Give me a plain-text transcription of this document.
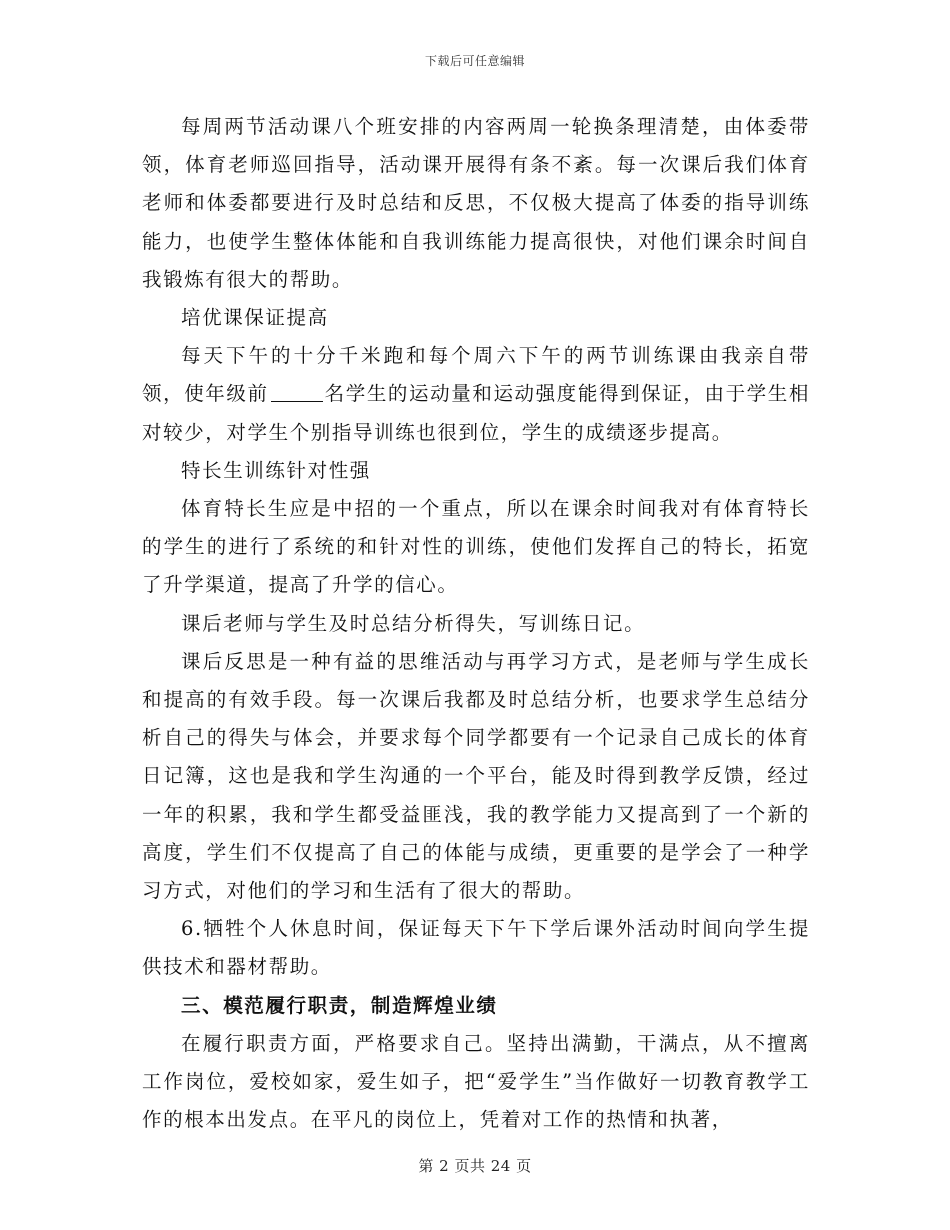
下载后可任意编辑

每周两节活动课八个班安排的内容两周一轮换条理清楚，由体委带领，体育老师巡回指导，活动课开展得有条不紊。每一次课后我们体育老师和体委都要进行及时总结和反思，不仅极大提高了体委的指导训练能力，也使学生整体体能和自我训练能力提高很快，对他们课余时间自我锻炼有很大的帮助。

培优课保证提高

每天下午的十分千米跑和每个周六下午的两节训练课由我亲自带领，使年级前	名学生的运动量和运动强度能得到保证，由于学生相对较少，对学生个别指导训练也很到位，学生的成绩逐步提高。

特长生训练针对性强

体育特长生应是中招的一个重点，所以在课余时间我对有体育特长的学生的进行了系统的和针对性的训练，使他们发挥自己的特长，拓宽了升学渠道，提高了升学的信心。

课后老师与学生及时总结分析得失，写训练日记。

课后反思是一种有益的思维活动与再学习方式，是老师与学生成长和提高的有效手段。每一次课后我都及时总结分析，也要求学生总结分析自己的得失与体会，并要求每个同学都要有一个记录自己成长的体育日记簿，这也是我和学生沟通的一个平台，能及时得到教学反馈，经过一年的积累，我和学生都受益匪浅，我的教学能力又提高到了一个新的高度，学生们不仅提高了自己的体能与成绩，更重要的是学会了一种学习方式，对他们的学习和生活有了很大的帮助。

6.牺牲个人休息时间，保证每天下午下学后课外活动时间向学生提供技术和器材帮助。

三、模范履行职责，制造辉煌业绩

在履行职责方面，严格要求自己。坚持出满勤，干满点，从不擅离工作岗位，爱校如家，爱生如子，把“爱学生”当作做好一切教育教学工作的根本出发点。在平凡的岗位上，凭着对工作的热情和执著，

第 2 页共 24 页
